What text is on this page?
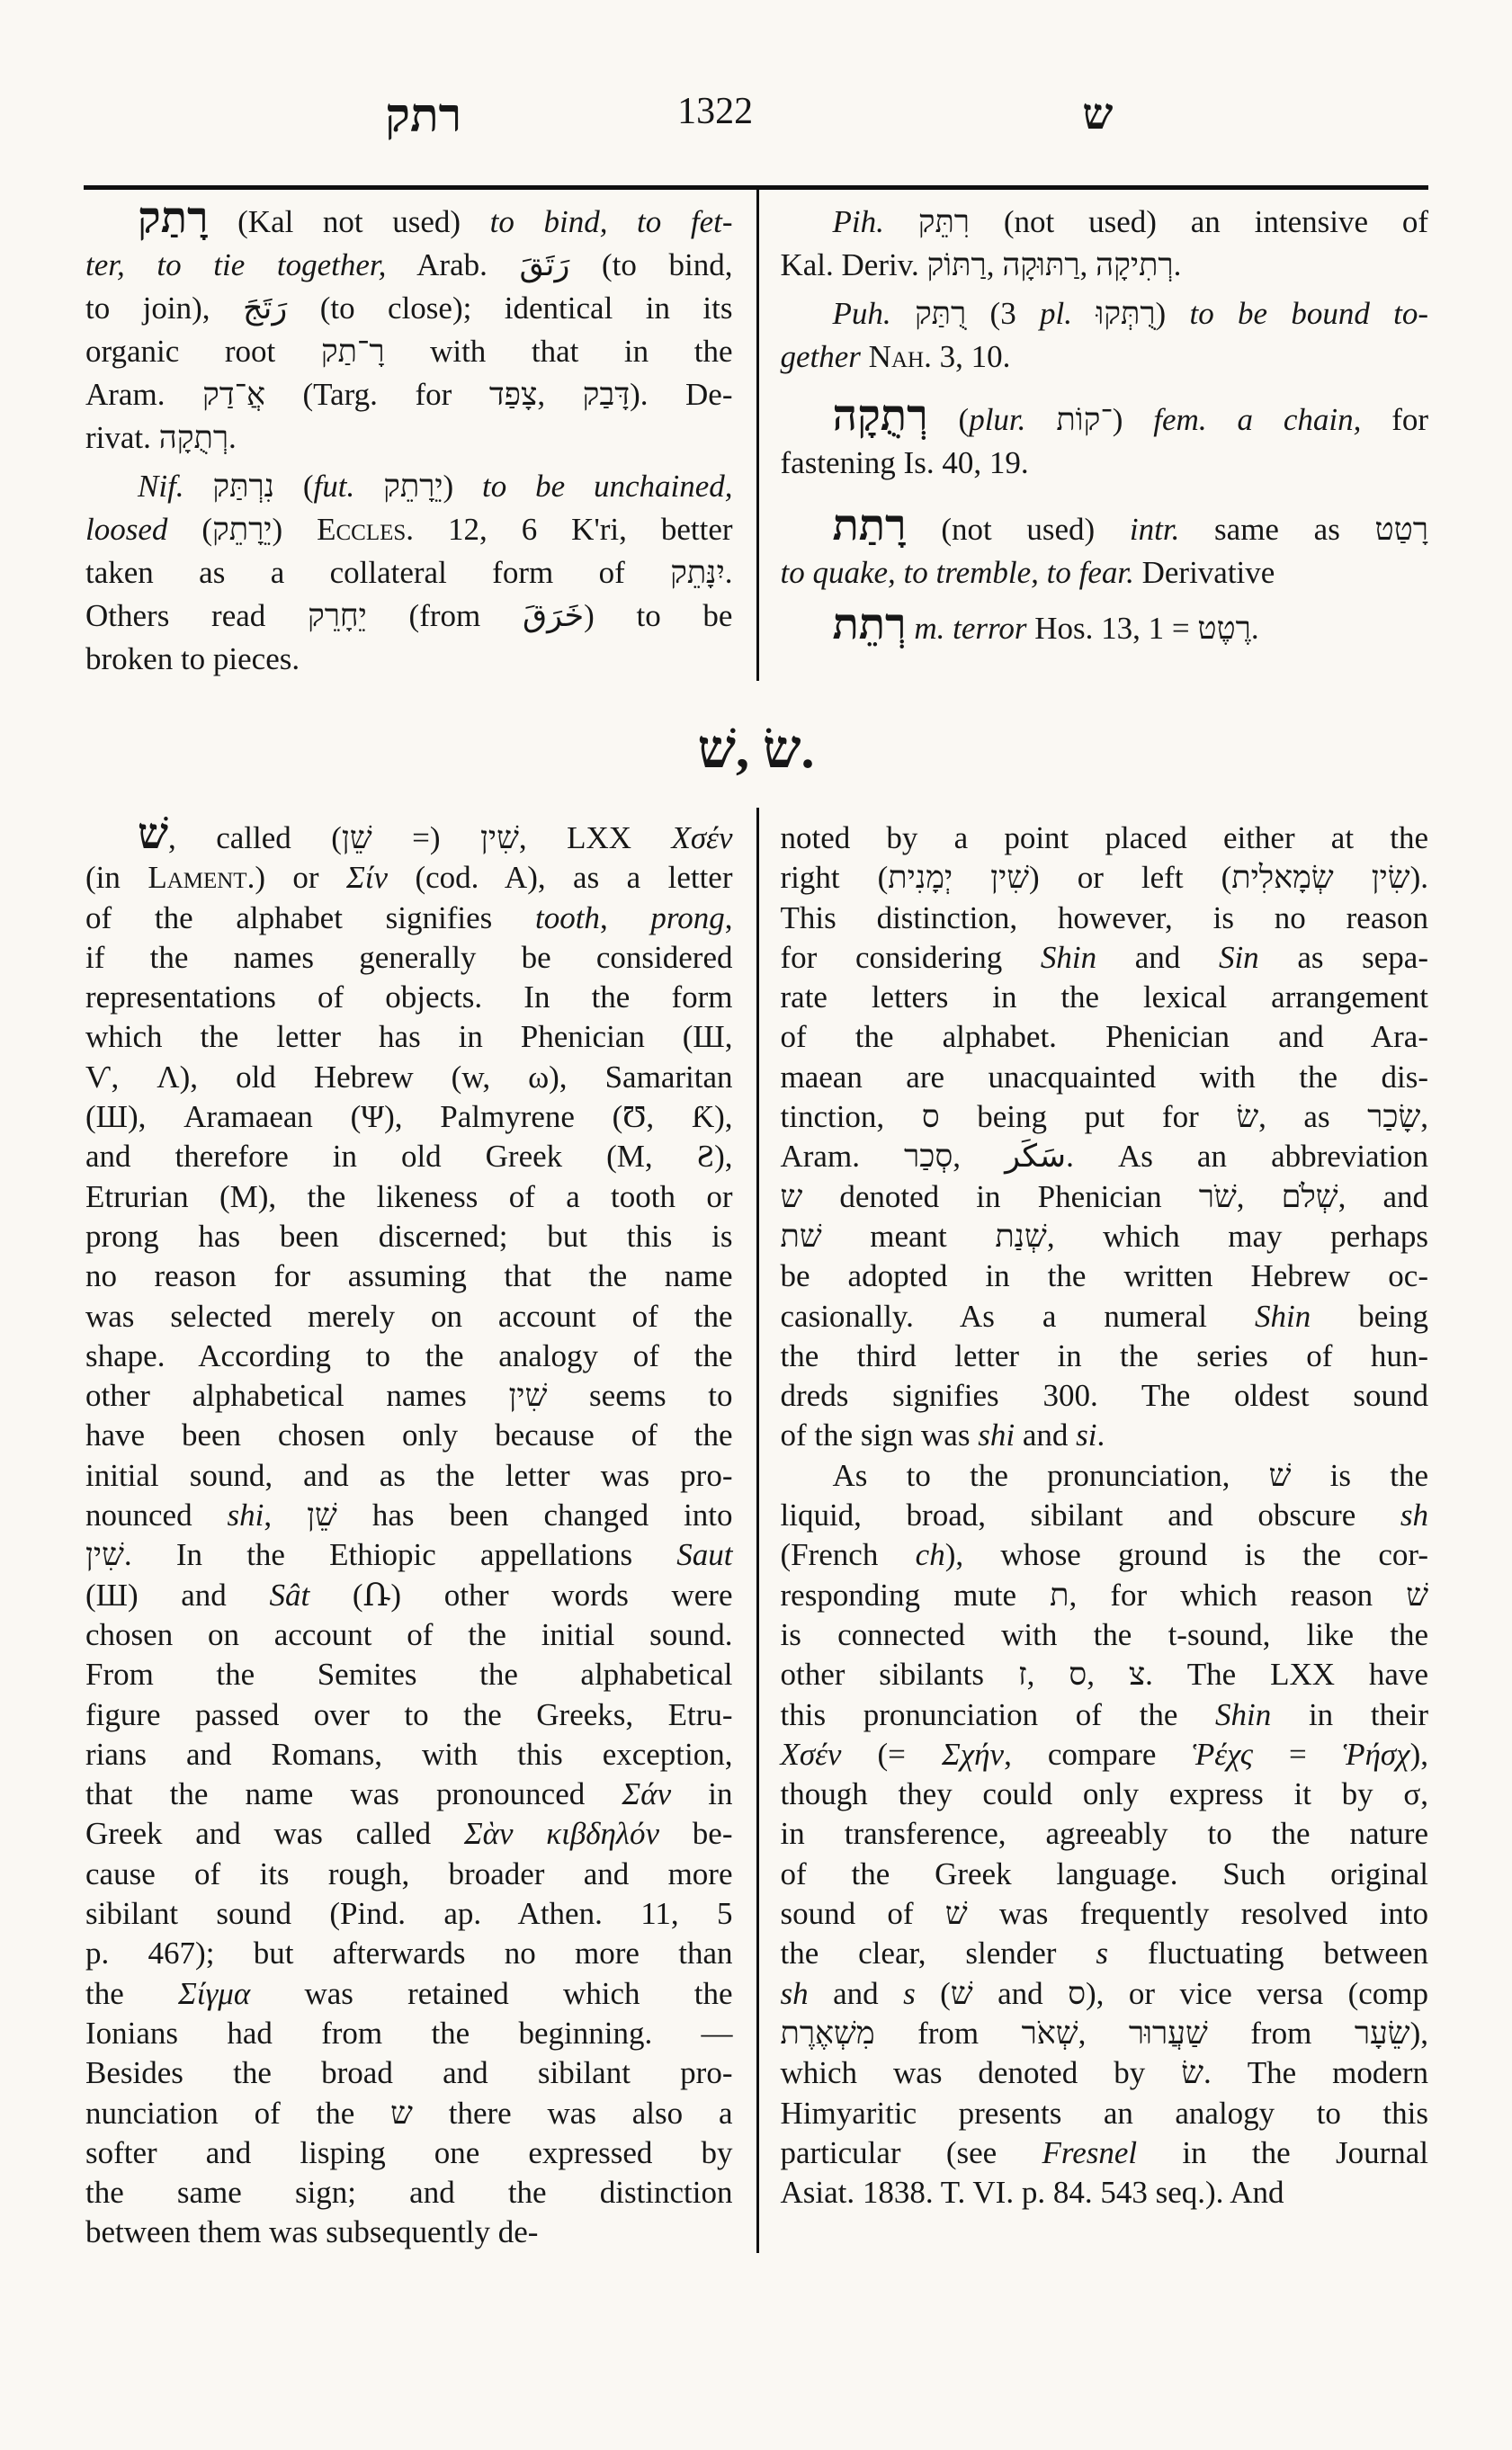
רתק	1322	ש
רָתַק (Kal not used) to bind, to fet-
ter, to tie together, Arab. رَتَقَ (to bind,
to join), رَتَجَ (to close); identical in its
organic root רָ־תַק with that in the
Aram. אֲ־דַק (Targ. for צָפַד, ‎דָּבַק). De-
rivat. רְתֻקָה.
Nif. נִרְתַּק (fut. יֵרָתֵק) to be unchained,
loosed (יֵרָתֵק) Eccles. 12, 6 K'ri, better
taken as a collateral form of יִנָּתֵק.
Others read יֵחָרֵק (from خَرَقَ) to be
broken to pieces.
Pih. רִתֵּק (not used) an intensive of
Kal. Deriv. רַתּוֹק, ‎רַתּוּקָה, ‎רְתִיקָה.
Puh. רֻתַּק (3 pl. רֻתְּקוּ) to be bound to-
gether Nah. 3, 10.
רְתֻקָה (plur. ־קוֹת) fem. a chain, for
fastening Is. 40, 19.
רָתַת (not used) intr. same as רָטַט
to quake, to tremble, to fear. Derivative
רְתֵת m. terror Hos. 13, 1 = רֶטֶט.
שׁ, ‎שׂ.
שׁ, called שִׁין (= שֵׁן), LXX Χσέν
(in Lament.) or Σίν (cod. A), as a letter
of the alphabet signifies tooth, prong,
if the names generally be considered
representations of objects. In the form
which the letter has in Phenician (Ш,
Ѵ, Λ), old Hebrew (w, ω), Samaritan
(Ш), Aramaean (Ψ), Palmyrene (Ʊ, Ƙ),
and therefore in old Greek (M, Ƨ),
Etrurian (M), the likeness of a tooth or
prong has been discerned; but this is
no reason for assuming that the name
was selected merely on account of the
shape. According to the analogy of the
other alphabetical names שִׁין seems to
have been chosen only because of the
initial sound, and as the letter was pro-
nounced shi, שֵׁן has been changed into
שִׁין. In the Ethiopic appellations Saut
(Ш) and Sât (Ռ) other words were
chosen on account of the initial sound.
From the Semites the alphabetical
figure passed over to the Greeks, Etru-
rians and Romans, with this exception,
that the name was pronounced Σάν in
Greek and was called Σὰν κιβδηλόν be-
cause of its rough, broader and more
sibilant sound (Pind. ap. Athen. 11, 5
p. 467); but afterwards no more than
the Σίγμα was retained which the
Ionians had from the beginning. —
Besides the broad and sibilant pro-
nunciation of the ש there was also a
softer and lisping one expressed by
the same sign; and the distinction
between them was subsequently de-
noted by a point placed either at the
right (שִׁין יְמָנִית) or left (שִׂין שְׂמָאלִית).
This distinction, however, is no reason
for considering Shin and Sin as sepa-
rate letters in the lexical arrangement
of the alphabet. Phenician and Ara-
maean are unacquainted with the dis-
tinction, ס being put for שׂ, as שָׂכַר,
Aram. סְכַר, ‎سَكَر. As an abbreviation
ש denoted in Phenician שֹׁר, ‎שְׁלֹם, and
שׁת meant שְׁנַת, which may perhaps
be adopted in the written Hebrew oc-
casionally. As a numeral Shin being
the third letter in the series of hun-
dreds signifies 300. The oldest sound
of the sign was shi and si.
As to the pronunciation, שׁ is the
liquid, broad, sibilant and obscure sh
(French ch), whose ground is the cor-
responding mute ת, for which reason שׁ
is connected with the t-sound, like the
other sibilants ז, ‎ס, ‎צ. The LXX have
this pronunciation of the Shin in their
Χσέν (= Σχήν, compare Ῥέχς = Ῥήσχ),
though they could only express it by σ,
in transference, agreeably to the nature
of the Greek language. Such original
sound of שׁ was frequently resolved into
the clear, slender s fluctuating between
sh and s (שׁ and ס), or vice versa (comp
מִשְׁאֶרֶת from שְׁאֹר, ‎שַׁעֲרוּר from שֵׂעָר),
which was denoted by שׂ. The modern
Himyaritic presents an analogy to this
particular (see Fresnel in the Journal
Asiat. 1838. T. VI. p. 84. 543 seq.). And
